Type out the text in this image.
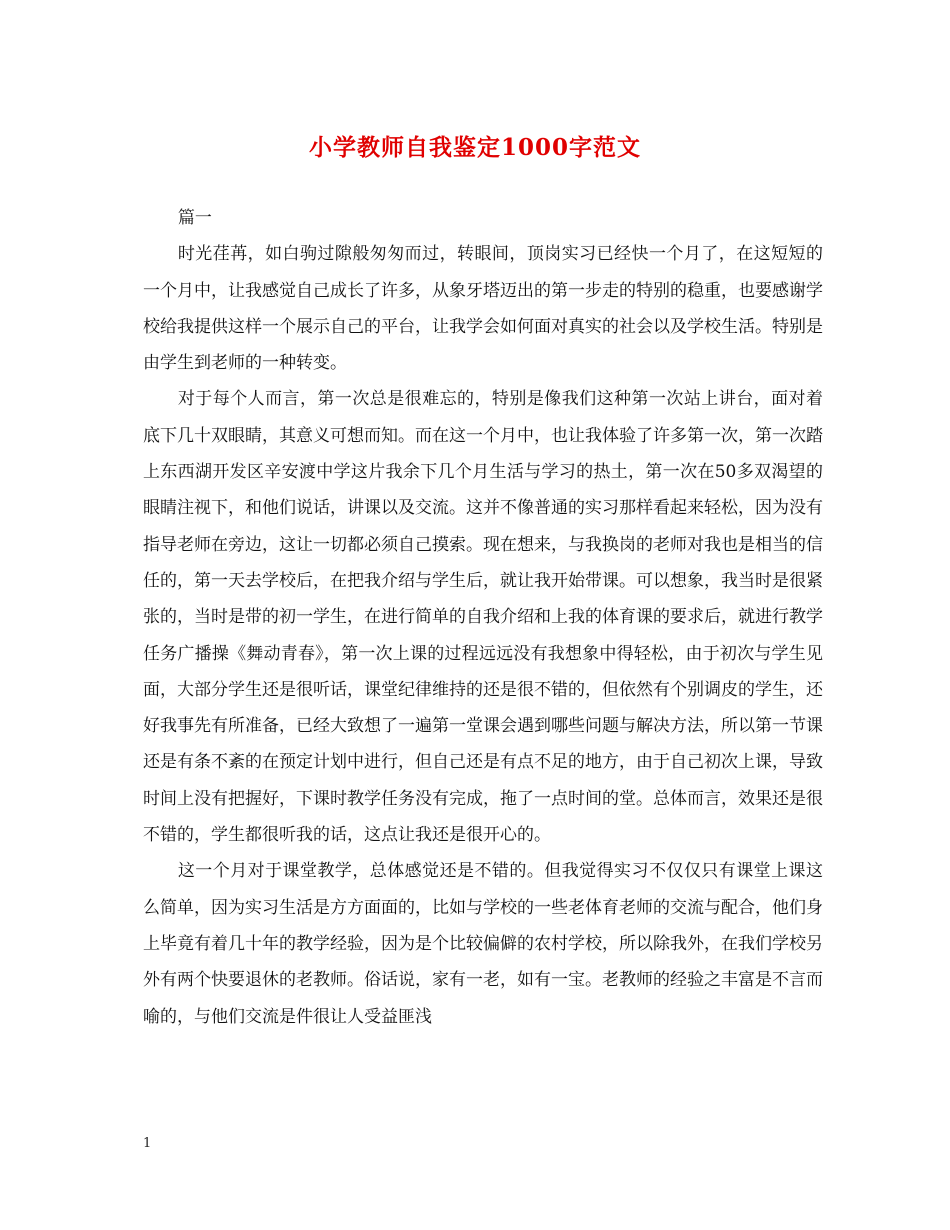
小学教师自我鉴定1000字范文

篇一

时光荏苒，如白驹过隙般匆匆而过，转眼间，顶岗实习已经快一个月了，在这短短的一个月中，让我感觉自己成长了许多，从象牙塔迈出的第一步走的特别的稳重，也要感谢学校给我提供这样一个展示自己的平台，让我学会如何面对真实的社会以及学校生活。特别是由学生到老师的一种转变。

对于每个人而言，第一次总是很难忘的，特别是像我们这种第一次站上讲台，面对着底下几十双眼睛，其意义可想而知。而在这一个月中，也让我体验了许多第一次，第一次踏上东西湖开发区辛安渡中学这片我余下几个月生活与学习的热土，第一次在50多双渴望的眼睛注视下，和他们说话，讲课以及交流。这并不像普通的实习那样看起来轻松，因为没有指导老师在旁边，这让一切都必须自己摸索。现在想来，与我换岗的老师对我也是相当的信任的，第一天去学校后，在把我介绍与学生后，就让我开始带课。可以想象，我当时是很紧张的，当时是带的初一学生，在进行简单的自我介绍和上我的体育课的要求后，就进行教学任务广播操《舞动青春》，第一次上课的过程远远没有我想象中得轻松，由于初次与学生见面，大部分学生还是很听话，课堂纪律维持的还是很不错的，但依然有个别调皮的学生，还好我事先有所准备，已经大致想了一遍第一堂课会遇到哪些问题与解决方法，所以第一节课还是有条不紊的在预定计划中进行，但自己还是有点不足的地方，由于自己初次上课，导致时间上没有把握好，下课时教学任务没有完成，拖了一点时间的堂。总体而言，效果还是很不错的，学生都很听我的话，这点让我还是很开心的。

这一个月对于课堂教学，总体感觉还是不错的。但我觉得实习不仅仅只有课堂上课这么简单，因为实习生活是方方面面的，比如与学校的一些老体育老师的交流与配合，他们身上毕竟有着几十年的教学经验，因为是个比较偏僻的农村学校，所以除我外，在我们学校另外有两个快要退休的老教师。俗话说，家有一老，如有一宝。老教师的经验之丰富是不言而喻的，与他们交流是件很让人受益匪浅

1
